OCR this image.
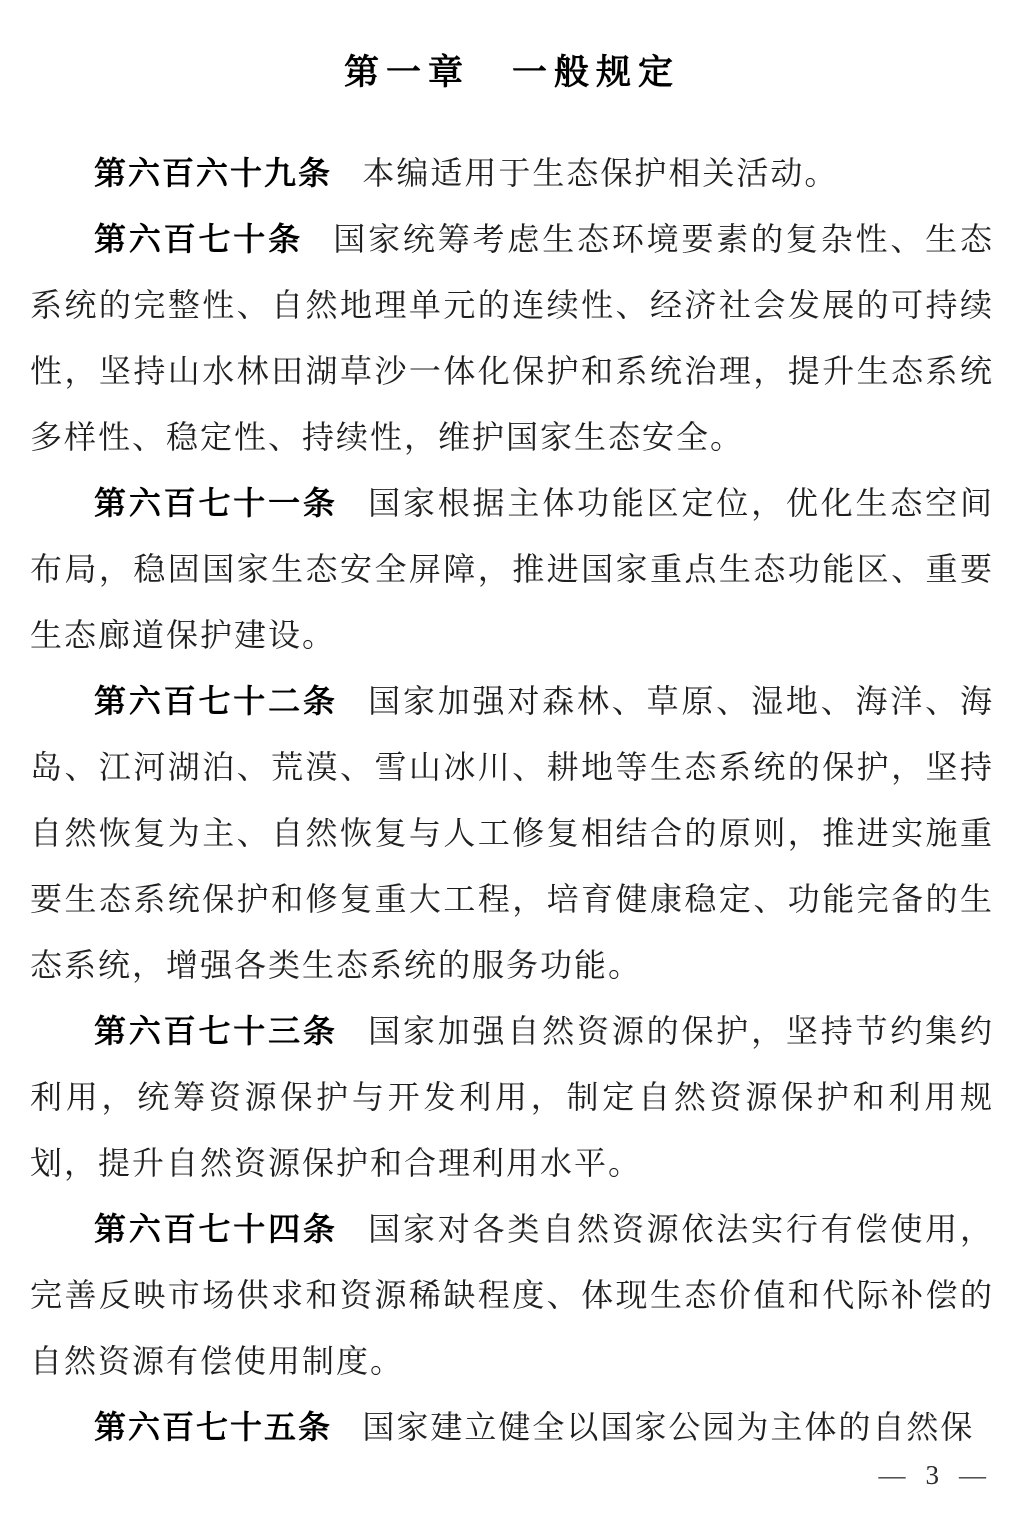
第一章　一般规定

第六百六十九条 本编适用于生态保护相关活动。

第六百七十条 国家统筹考虑生态环境要素的复杂性、生态系统的完整性、自然地理单元的连续性、经济社会发展的可持续性，坚持山水林田湖草沙一体化保护和系统治理，提升生态系统多样性、稳定性、持续性，维护国家生态安全。

第六百七十一条 国家根据主体功能区定位，优化生态空间布局，稳固国家生态安全屏障，推进国家重点生态功能区、重要生态廊道保护建设。

第六百七十二条 国家加强对森林、草原、湿地、海洋、海岛、江河湖泊、荒漠、雪山冰川、耕地等生态系统的保护，坚持自然恢复为主、自然恢复与人工修复相结合的原则，推进实施重要生态系统保护和修复重大工程，培育健康稳定、功能完备的生态系统，增强各类生态系统的服务功能。

第六百七十三条 国家加强自然资源的保护，坚持节约集约利用，统筹资源保护与开发利用，制定自然资源保护和利用规划，提升自然资源保护和合理利用水平。

第六百七十四条 国家对各类自然资源依法实行有偿使用，完善反映市场供求和资源稀缺程度、体现生态价值和代际补偿的自然资源有偿使用制度。

第六百七十五条 国家建立健全以国家公园为主体的自然保

— 3 —
